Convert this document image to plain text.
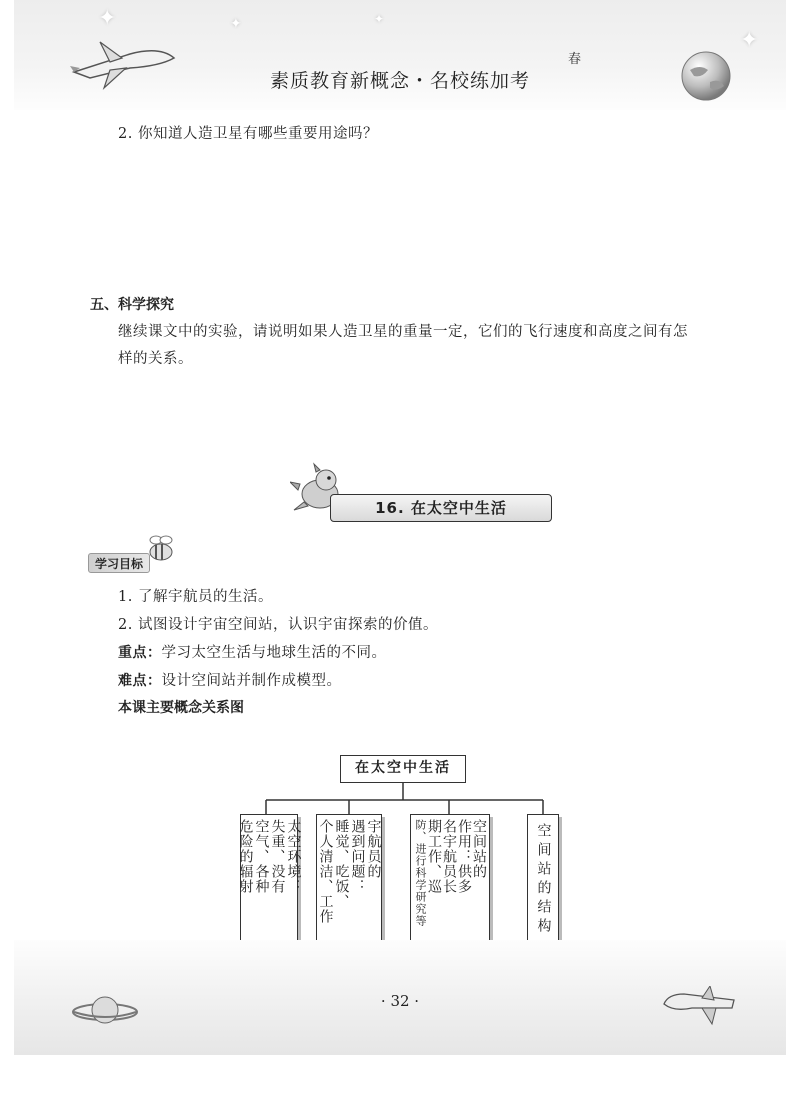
✦	✦	✦
✦
素质教育新概念・名校练加考
春
2. 你知道人造卫星有哪些重要用途吗？
五、科学探究
继续课文中的实验，请说明如果人造卫星的重量一定，它们的飞行速度和高度之间有怎
样的关系。
16. 在太空中生活
学习目标
1. 了解宇航员的生活。
2. 试图设计宇宙空间站，认识宇宙探索的价值。
重点：学习太空生活与地球生活的不同。
难点：设计空间站并制作成模型。
本课主要概念关系图
在太空中生活
太空环境：
失重、没有
空气、各种
危险的辐射	宇航员的
遇到问题：
睡觉、吃饭、
个人清洁、工作	空间站的
作用：供多
名宇航员长
期工作、巡
防、进行科学研究等	空间站的结构
· 32 ·
